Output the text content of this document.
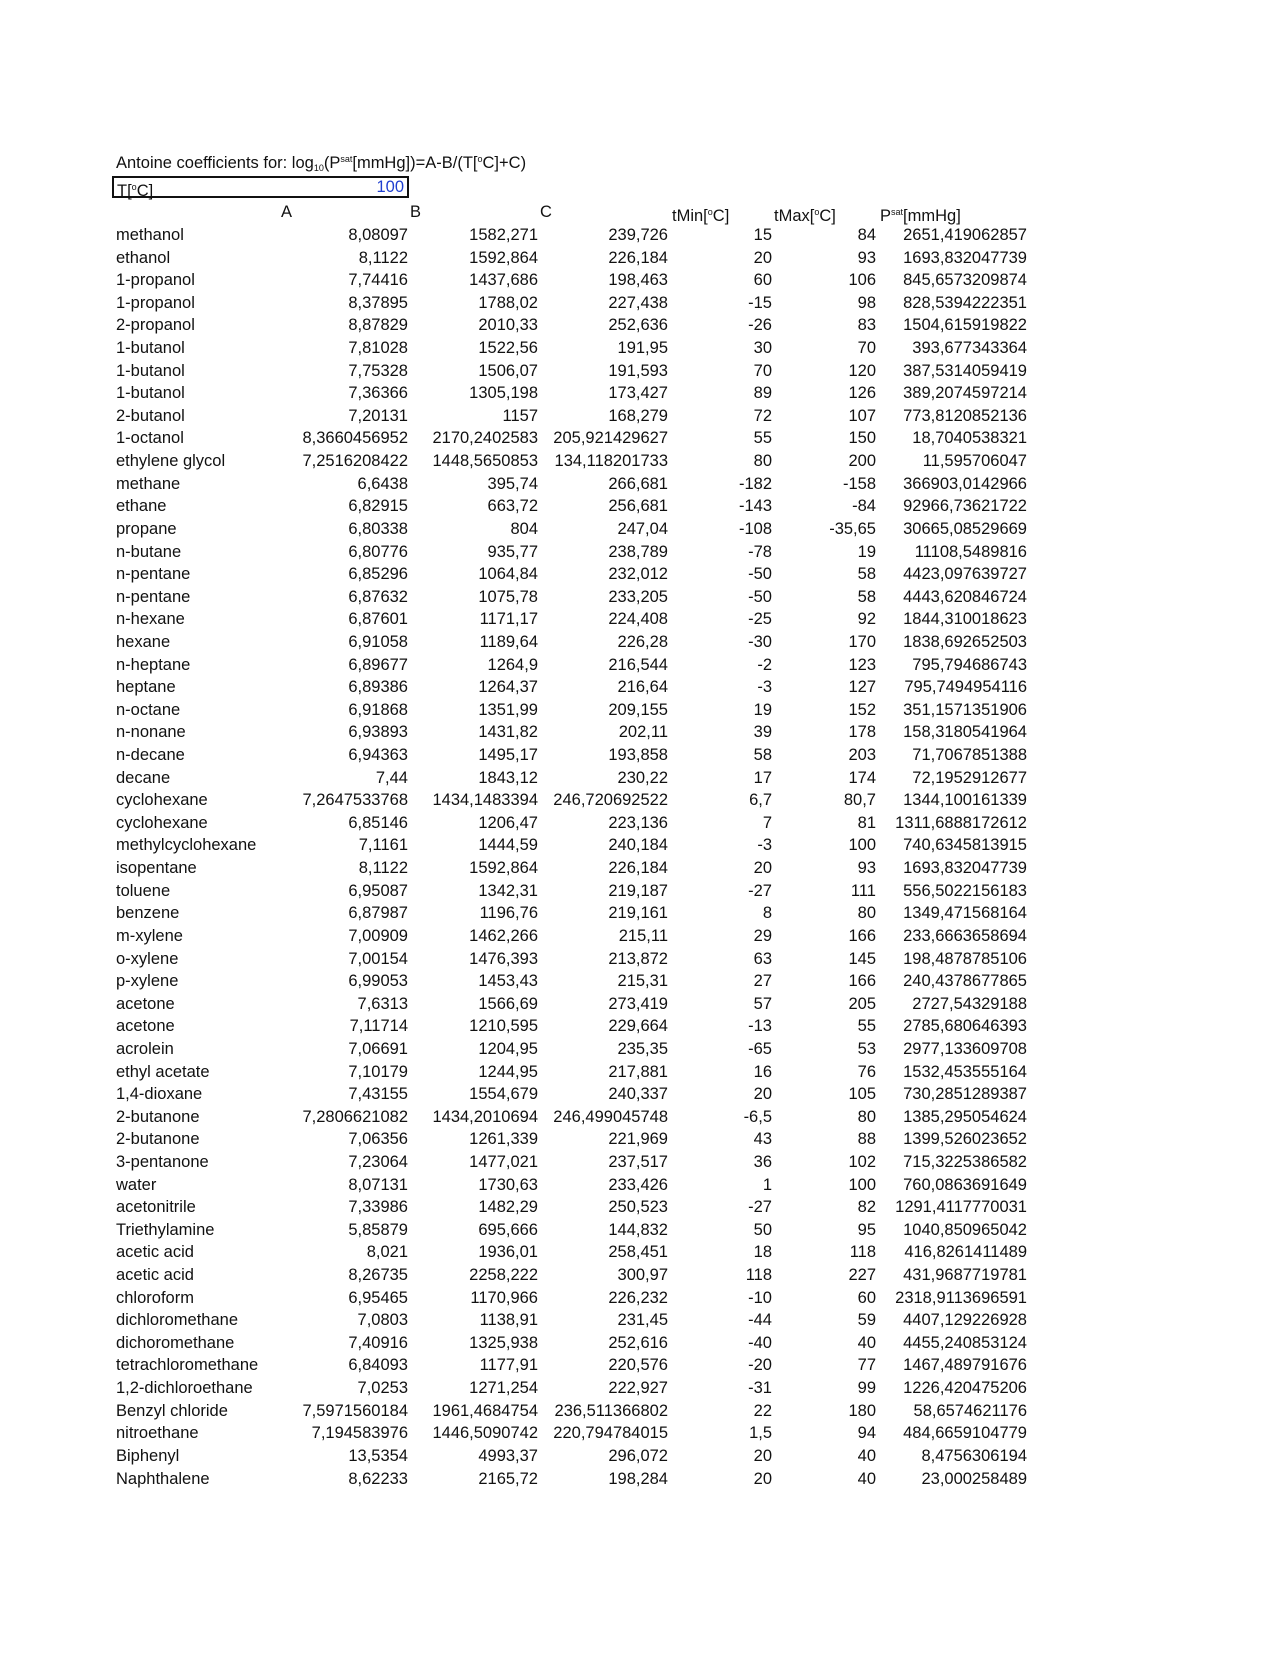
Antoine coefficients for: $\log_{10}(P^{sat}[mmHg])=A-B/(T[^oC]+C)$
T[$^o$C]	100
A	B	C	tMin[$^o$C]	tMax[$^o$C]	$P^{sat}[mmHg]$
methanol	8,08097	1582,271	239,726	15	84 2651,419062857
ethanol	8,1122	1592,864	226,184	20	93 1693,832047739
1-propanol	7,74416	1437,686	198,463	60	106 845,6573209874
1-propanol	8,37895	1788,02	227,438	-15	98 828,5394222351
2-propanol	8,87829	2010,33	252,636	-26	83 1504,615919822
1-butanol	7,81028	1522,56	191,95	30	70 393,677343364
1-butanol	7,75328	1506,07	191,593	70	120 387,5314059419
1-butanol	7,36366	1305,198	173,427	89	126 389,2074597214
2-butanol	7,20131	1157	168,279	72	107 773,8120852136
1-octanol	8,3660456952 2170,2402583 205,921429627	55	150 18,7040538321
ethylene glycol	7,2516208422 1448,5650853 134,118201733	80	200	11,595706047
methane	6,6438	395,74	266,681	-182	-158 366903,0142966
ethane	6,82915	663,72	256,681	-143	-84 92966,73621722
propane	6,80338	804	247,04	-108	-35,65 30665,08529669
n-butane	6,80776	935,77	238,789	-78	19 11108,5489816
n-pentane	6,85296	1064,84	232,012	-50	58 4423,097639727
n-pentane	6,87632	1075,78	233,205	-50	58 4443,620846724
n-hexane	6,87601	1171,17	224,408	-25	92 1844,310018623
hexane	6,91058	1189,64	226,28	-30	170 1838,692652503
n-heptane	6,89677	1264,9	216,544	-2	123 795,794686743
heptane	6,89386	1264,37	216,64	-3	127 795,7494954116
n-octane	6,91868	1351,99	209,155	19	152 351,1571351906
n-nonane	6,93893	1431,82	202,11	39	178 158,3180541964
n-decane	6,94363	1495,17	193,858	58	203 71,7067851388
decane	7,44	1843,12	230,22	17	174 72,1952912677
cyclohexane	7,2647533768 1434,1483394 246,720692522	6,7	80,7 1344,100161339
cyclohexane	6,85146	1206,47	223,136	7	81 1311,6888172612
methylcyclohexane	7,1161	1444,59	240,184	-3	100 740,6345813915
isopentane	8,1122	1592,864	226,184	20	93 1693,832047739
toluene	6,95087	1342,31	219,187	-27	111 556,5022156183
benzene	6,87987	1196,76	219,161	8	80 1349,471568164
m-xylene	7,00909	1462,266	215,11	29	166 233,6663658694
o-xylene	7,00154	1476,393	213,872	63	145 198,4878785106
p-xylene	6,99053	1453,43	215,31	27	166 240,4378677865
acetone	7,6313	1566,69	273,419	57	205 2727,54329188
acetone	7,11714	1210,595	229,664	-13	55 2785,680646393
acrolein	7,06691	1204,95	235,35	-65	53 2977,133609708
ethyl acetate	7,10179	1244,95	217,881	16	76 1532,453555164
1,4-dioxane	7,43155	1554,679	240,337	20	105 730,2851289387
2-butanone	7,2806621082 1434,2010694 246,499045748	-6,5	80 1385,295054624
2-butanone	7,06356	1261,339	221,969	43	88 1399,526023652
3-pentanone	7,23064	1477,021	237,517	36	102 715,3225386582
water	8,07131	1730,63	233,426	1	100 760,0863691649
acetonitrile	7,33986	1482,29	250,523	-27	82 1291,4117770031
Triethylamine	5,85879	695,666	144,832	50	95 1040,850965042
acetic acid	8,021	1936,01	258,451	18	118 416,8261411489
acetic acid	8,26735	2258,222	300,97	118	227 431,9687719781
chloroform	6,95465	1170,966	226,232	-10	60 2318,9113696591
dichloromethane	7,0803	1138,91	231,45	-44	59 4407,129226928
dichoromethane	7,40916	1325,938	252,616	-40	40 4455,240853124
tetrachloromethane	6,84093	1177,91	220,576	-20	77 1467,489791676
1,2-dichloroethane	7,0253	1271,254	222,927	-31	99 1226,420475206
Benzyl chloride	7,5971560184 1961,4684754 236,511366802	22	180 58,6574621176
nitroethane	7,194583976 1446,5090742 220,794784015	1,5	94 484,6659104779
Biphenyl	13,5354	4993,37	296,072	20	40	8,4756306194
Naphthalene	8,62233	2165,72	198,284	20	40	23,000258489
